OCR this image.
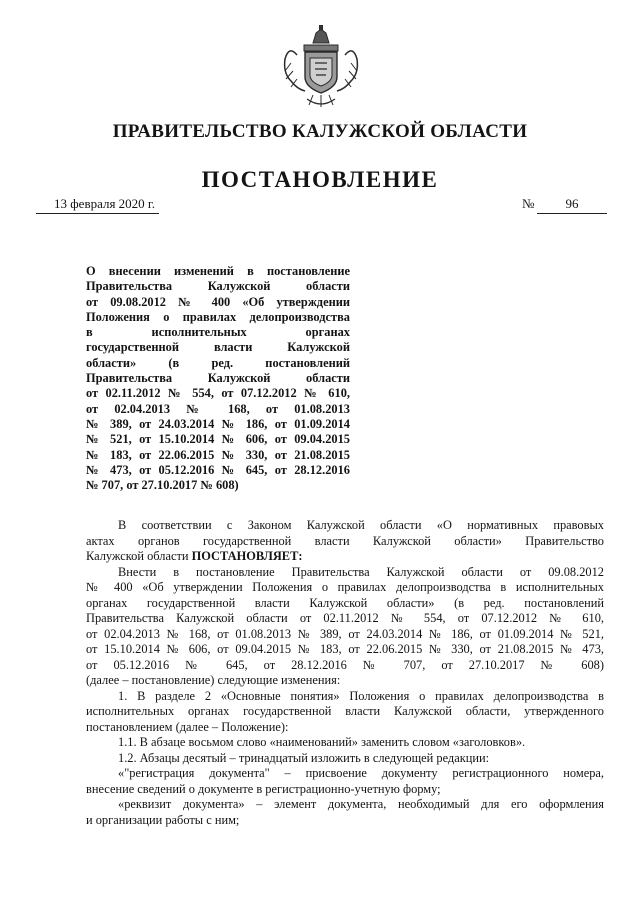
ПРАВИТЕЛЬСТВО КАЛУЖСКОЙ ОБЛАСТИ
ПОСТАНОВЛЕНИЕ
13 февраля 2020 г.	№	96
О внесении изменений в постановление
Правительства Калужской области
от 09.08.2012 № 400 «Об утверждении
Положения о правилах делопроизводства
в исполнительных органах
государственной власти Калужской
области» (в ред. постановлений
Правительства Калужской области
от 02.11.2012 № 554, от 07.12.2012 № 610,
от 02.04.2013 № 168, от 01.08.2013
№ 389, от 24.03.2014 № 186, от 01.09.2014
№ 521, от 15.10.2014 № 606, от 09.04.2015
№ 183, от 22.06.2015 № 330, от 21.08.2015
№ 473, от 05.12.2016 № 645, от 28.12.2016
№ 707, от 27.10.2017 № 608)
В соответствии с Законом Калужской области «О нормативных правовых
актах органов государственной власти Калужской области» Правительство
Калужской области ПОСТАНОВЛЯЕТ:
Внести в постановление Правительства Калужской области от 09.08.2012
№ 400 «Об утверждении Положения о правилах делопроизводства в исполнительных
органах государственной власти Калужской области» (в ред. постановлений
Правительства Калужской области от 02.11.2012 № 554, от 07.12.2012 № 610,
от 02.04.2013 № 168, от 01.08.2013 № 389, от 24.03.2014 № 186, от 01.09.2014 № 521,
от 15.10.2014 № 606, от 09.04.2015 № 183, от 22.06.2015 № 330, от 21.08.2015 № 473,
от 05.12.2016 № 645, от 28.12.2016 № 707, от 27.10.2017 № 608)
(далее – постановление) следующие изменения:
1. В разделе 2 «Основные понятия» Положения о правилах делопроизводства в
исполнительных органах государственной власти Калужской области, утвержденного
постановлением (далее – Положение):
1.1. В абзаце восьмом слово «наименований» заменить словом «заголовков».
1.2. Абзацы десятый – тринадцатый изложить в следующей редакции:
«"регистрация документа" – присвоение документу регистрационного номера,
внесение сведений о документе в регистрационно-учетную форму;
«реквизит документа» – элемент документа, необходимый для его оформления
и организации работы с ним;
